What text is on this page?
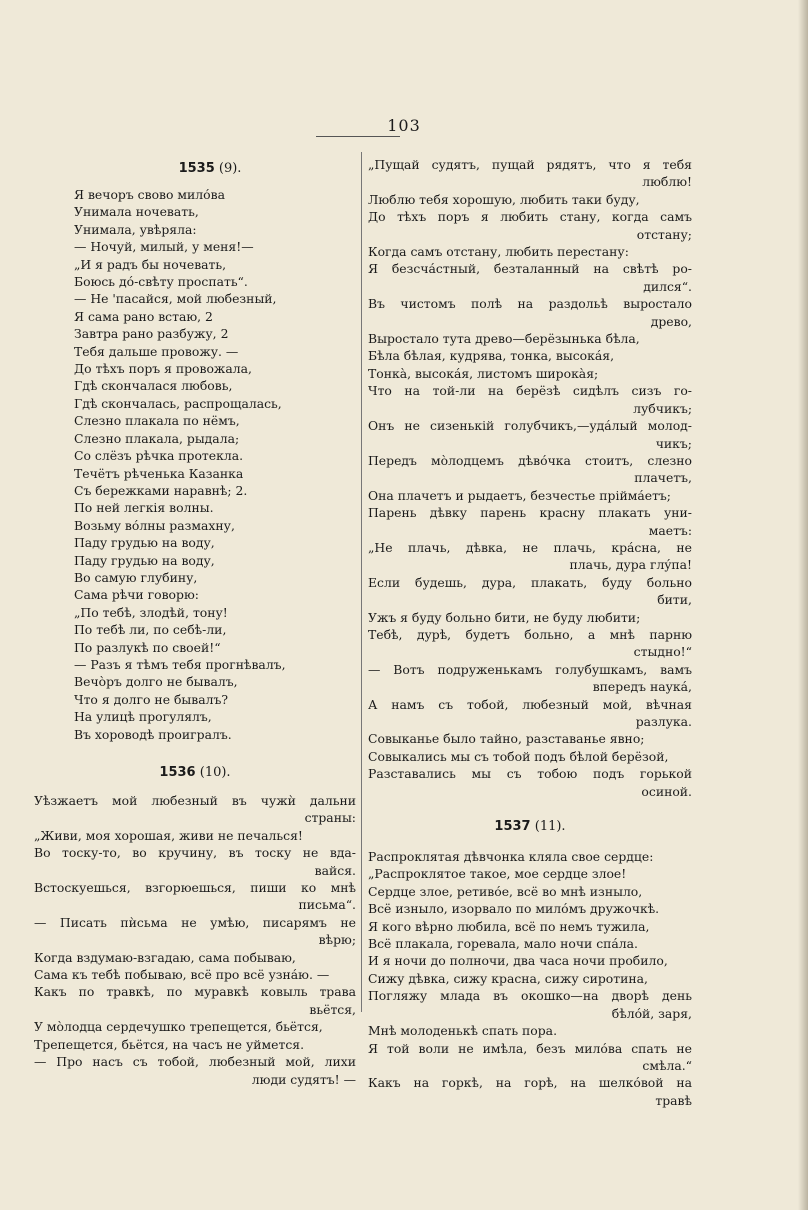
103
1535 (9).
Я вечоръ свово милóва
Унимала ночевать,
Унимала, увѣряла:
— Ночуй, милый, у меня!—
„И я радъ бы ночевать,
Боюсь дó-свѣту проспать“.
— Не 'пасайся, мой любезный,
Я сама рано встаю, 2
Завтра рано разбужу, 2
Тебя дальше провожу. —
До тѣхъ поръ я провожала,
Гдѣ скончалася любовь,
Гдѣ скончалась, распрощалась,
Слезно плакала по нёмъ,
Слезно плакала, рыдала;
Со слёзъ рѣчка протекла.
Течётъ рѣченька Казанка
Съ бережками наравнѣ; 2.
По ней легкія волны.
Возьму вóлны размахну,
Паду грудью на воду,
Паду грудью на воду,
Во самую глубину,
Сама рѣчи говорю:
„По тебѣ, злодѣй, тону!
По тебѣ ли, по себѣ-ли,
По разлукѣ по своей!“
— Разъ я тѣмъ тебя прогнѣвалъ,
Вечòръ долго не бывалъ,
Что я долго не бывалъ?
На улицѣ прогулялъ,
Въ хороводѣ проигралъ.
1536 (10).
Уѣзжаетъ мой любезный въ чужѝ дальни
страны:
„Живи, моя хорошая, живи не печалься!
Во тоску-то, во кручину, въ тоску не вда-
вайся.
Встоскуешься, взгорюешься, пиши ко мнѣ
письма“.
— Писать пѝсьма не умѣю, писарямъ не
вѣрю;
Когда вздумаю-взгадаю, сама побываю,
Сама къ тебѣ побываю, всё про всё узнáю. —
Какъ по травкѣ, по муравкѣ ковыль трава
вьётся,
У мòлодца сердечушко трепещется, бьётся,
Трепещется, бьётся, на часъ не уймется.
— Про насъ съ тобой, любезный мой, лихи
люди судятъ! —
„Пущай судятъ, пущай рядятъ, что я тебя
люблю!
Люблю тебя хорошую, любить таки буду,
До тѣхъ поръ я любить стану, когда самъ
отстану;
Когда самъ отстану, любить перестану:
Я безсчáстный, безталанный на свѣтѣ ро-
дился“.
Въ чистомъ полѣ на раздольѣ выростало
древо,
Выростало тута древо—берёзынька бѣла,
Бѣла бѣлая, кудрява, тонка, высокáя,
Тонкà, высокáя, листомъ широкàя;
Что на той-ли на берёзѣ сидѣлъ сизъ го-
лубчикъ;
Онъ не сизенькій голубчикъ,—удáлый молод-
чикъ;
Передъ мòлодцемъ дѣвóчка стоитъ, слезно
плачетъ,
Она плачетъ и рыдаетъ, безчестье прiймáетъ;
Парень дѣвку парень красну плакать уни-
маетъ:
„Не плачь, дѣвка, не плачь, крáсна, не
плачь, дура глýпа!
Если будешь, дура, плакать, буду больно
бити,
Ужъ я буду больно бити, не буду любити;
Тебѣ, дурѣ, будетъ больно, а мнѣ парню
стыдно!“
— Вотъ подруженькамъ голубушкамъ, вамъ
впередъ наукá,
А намъ съ тобой, любезный мой, вѣчная
разлука.
Совыканье было тайно, разставанье явно;
Совыкались мы съ тобой подъ бѣлой берёзой,
Разставались мы съ тобою подъ горькой
осиной.
1537 (11).
Распроклятая дѣвчонка кляла свое сердце:
„Распроклятое такое, мое сердце злое!
Сердце злое, ретивóе, всё во мнѣ изныло,
Всё изныло, изорвало по милóмъ дружочкѣ.
Я кого вѣрно любила, всё по немъ тужила,
Всё плакала, горевала, мало ночи спáла.
И я ночи до полночи, два часа ночи пробило,
Сижу дѣвка, сижу красна, сижу сиротина,
Погляжу млада въ окошко—на дворѣ день
бѣлóй, заря,
Мнѣ молоденькѣ спать пора.
Я той воли не имѣла, безъ милóва спать не
смѣла.“
Какъ на горкѣ, на горѣ, на шелкóвой на
травѣ
